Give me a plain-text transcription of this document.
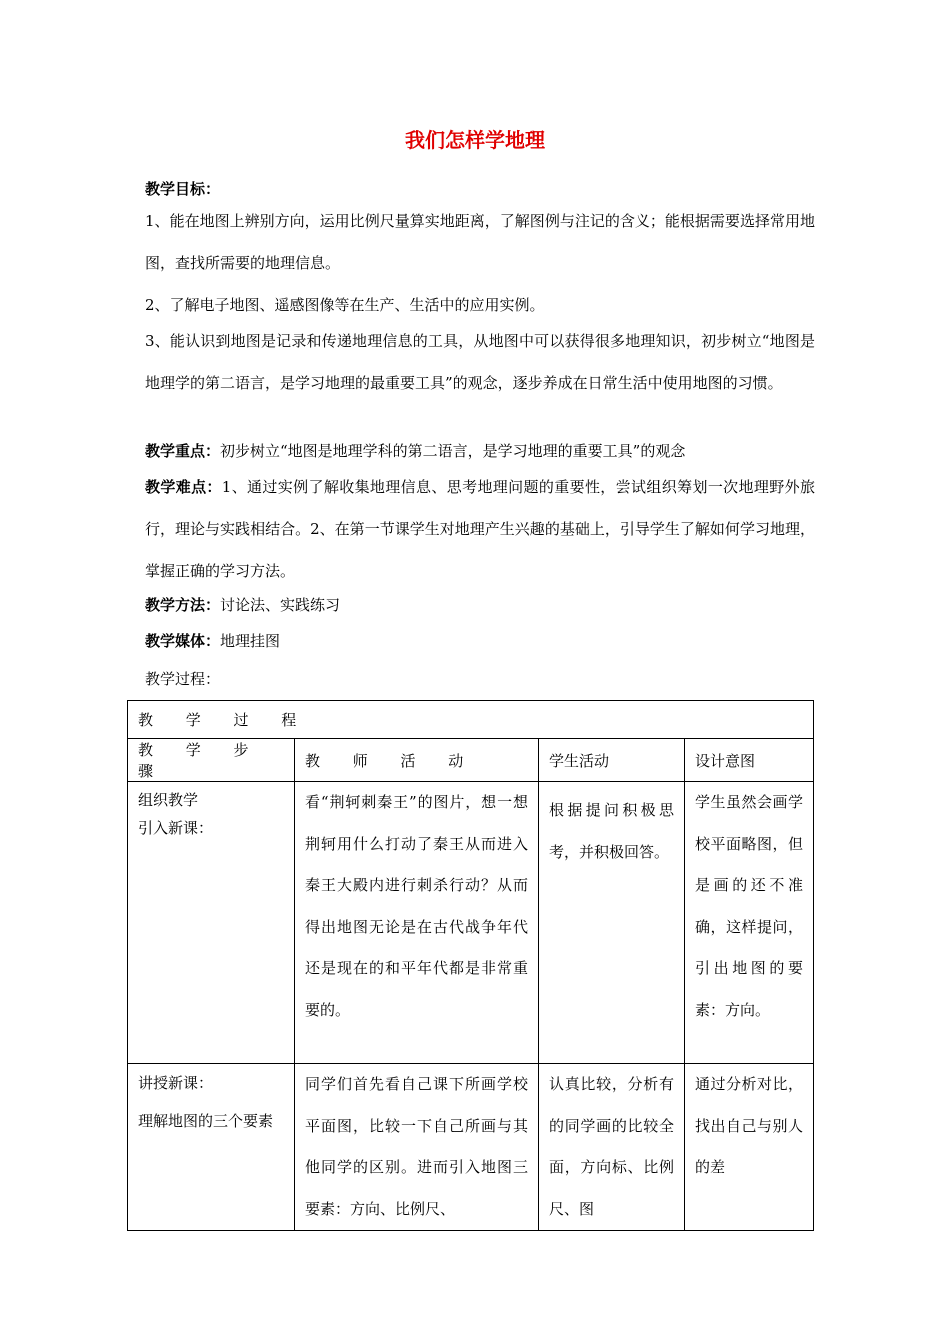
我们怎样学地理
教学目标：
1、能在地图上辨别方向，运用比例尺量算实地距离，了解图例与注记的含义；能根据需要选择常用地图，查找所需要的地理信息。
2、了解电子地图、遥感图像等在生产、生活中的应用实例。
3、能认识到地图是记录和传递地理信息的工具，从地图中可以获得很多地理知识，初步树立“地图是地理学的第二语言，是学习地理的最重要工具”的观念，逐步养成在日常生活中使用地图的习惯。
教学重点：初步树立“地图是地理学科的第二语言，是学习地理的重要工具”的观念
教学难点：1、通过实例了解收集地理信息、思考地理问题的重要性，尝试组织筹划一次地理野外旅行，理论与实践相结合。2、在第一节课学生对地理产生兴趣的基础上，引导学生了解如何学习地理，掌握正确的学习方法。
教学方法：讨论法、实践练习
教学媒体：地理挂图
教学过程：
教 学 过 程			
教 学 步 骤	教 师 活 动	学生活动	设计意图

组织教学
引入新课：	看“荆轲刺秦王”的图片，想一想荆轲用什么打动了秦王从而进入秦王大殿内进行刺杀行动？从而得出地图无论是在古代战争年代还是现在的和平年代都是非常重要的。	根据提问积极思考，并积极回答。	学生虽然会画学校平面略图，但是画的还不准确，这样提问，引出地图的要素：方向。

讲授新课：
理解地图的三个要素	同学们首先看自己课下所画学校平面图，比较一下自己所画与其他同学的区别。进而引入地图三要素：方向、比例尺、	认真比较，分析有的同学画的比较全面，方向标、比例尺、图	通过分析对比，找出自己与别人的差
